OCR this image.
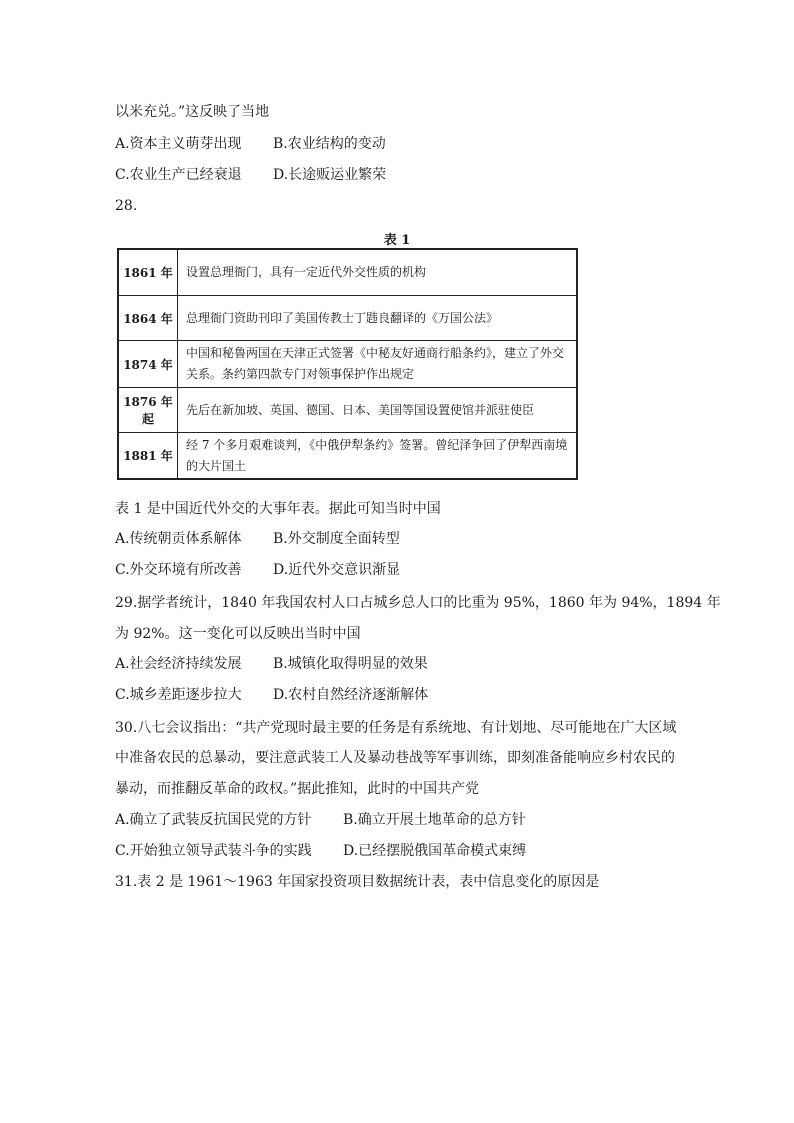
以米充兑。”这反映了当地
A.资本主义萌芽出现 B.农业结构的变动
C.农业生产已经衰退 D.长途贩运业繁荣
28.
表 1
1861 年	设置总理衙门，具有一定近代外交性质的机构
1864 年	总理衙门资助刊印了美国传教士丁韪良翻译的《万国公法》
1874 年	中国和秘鲁两国在天津正式签署《中秘友好通商行船条约》，建立了外交关系。条约第四款专门对领事保护作出规定
1876 年起	先后在新加坡、英国、德国、日本、美国等国设置使馆并派驻使臣
1881 年	经 7 个多月艰难谈判，《中俄伊犁条约》签署。曾纪泽争回了伊犁西南境的大片国土
表 1 是中国近代外交的大事年表。据此可知当时中国
A.传统朝贡体系解体 B.外交制度全面转型
C.外交环境有所改善 D.近代外交意识渐显
29.据学者统计，1840 年我国农村人口占城乡总人口的比重为 95%，1860 年为 94%，1894 年
为 92%。这一变化可以反映出当时中国
A.社会经济持续发展 B.城镇化取得明显的效果
C.城乡差距逐步拉大 D.农村自然经济逐渐解体
30.八七会议指出：“共产党现时最主要的任务是有系统地、有计划地、尽可能地在广大区域
中准备农民的总暴动，要注意武装工人及暴动巷战等军事训练，即刻准备能响应乡村农民的
暴动，而推翻反革命的政权。”据此推知，此时的中国共产党
A.确立了武装反抗国民党的方针 B.确立开展土地革命的总方针
C.开始独立领导武装斗争的实践 D.已经摆脱俄国革命模式束缚
31.表 2 是 1961～1963 年国家投资项目数据统计表，表中信息变化的原因是
